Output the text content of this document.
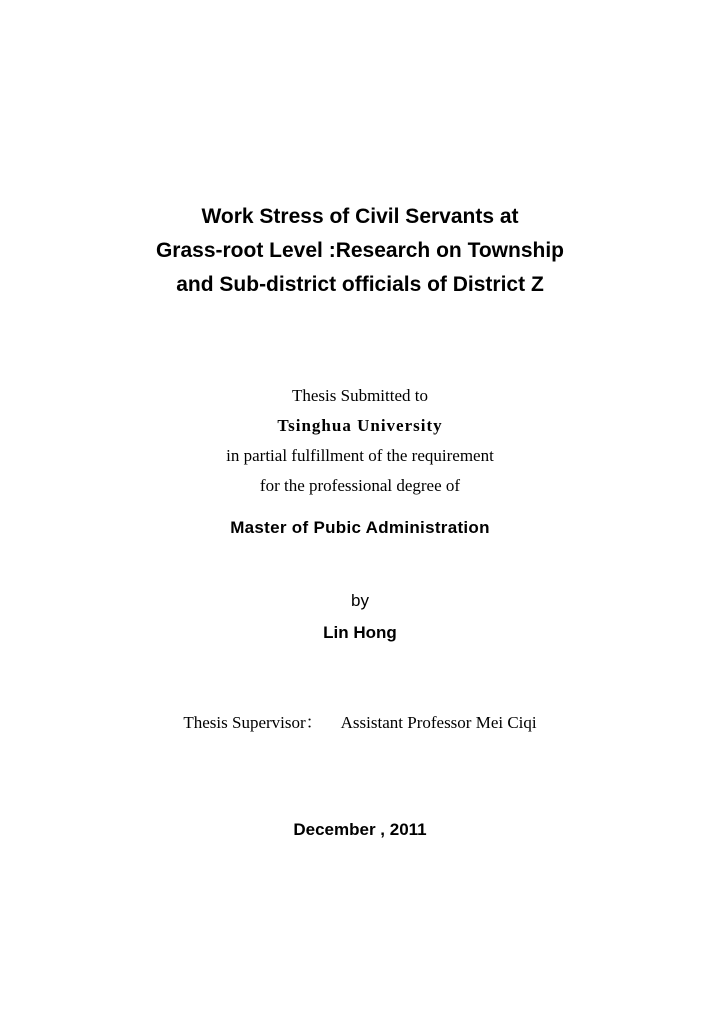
Work Stress of Civil Servants at
Grass-root Level :Research on Township
and Sub-district officials of District Z
Thesis Submitted to
Tsinghua University
in partial fulfillment of the requirement
for the professional degree of
Master of Pubic Administration
by
Lin Hong
Thesis Supervisor： Assistant Professor Mei Ciqi
December , 2011
